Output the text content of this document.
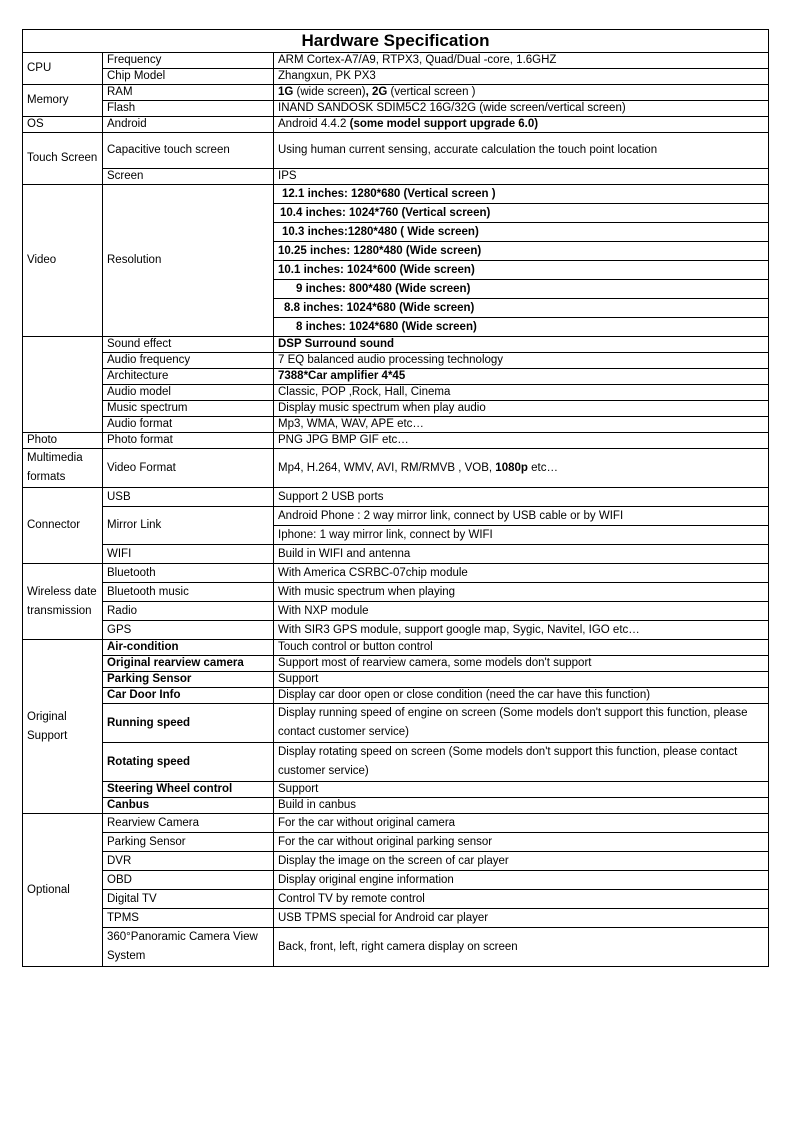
Hardware Specification		
CPU	Frequency	ARM Cortex-A7/A9, RTPX3, Quad/Dual -core, 1.6GHZ
	Chip Model	Zhangxun, PK PX3
Memory	RAM	1G (wide screen), 2G (vertical screen )
	Flash	INAND SANDOSK SDIM5C2 16G/32G (wide screen/vertical screen)
OS	Android	Android 4.4.2 (some model support upgrade 6.0)
Touch Screen	Capacitive touch screen	Using human current sensing, accurate calculation the touch point location
	Screen	IPS
Video	Resolution	12.1 inches: 1280*680 (Vertical screen )
		10.4 inches: 1024*760 (Vertical screen)
		10.3 inches:1280*480 ( Wide screen)
		10.25 inches: 1280*480 (Wide screen)
		10.1 inches: 1024*600 (Wide screen)
		9 inches: 800*480 (Wide screen)
		8.8 inches: 1024*680 (Wide screen)
		8 inches: 1024*680 (Wide screen)
	Sound effect	DSP Surround sound
	Audio frequency	7 EQ balanced audio processing technology
	Architecture	7388*Car amplifier 4*45
	Audio model	Classic, POP ,Rock, Hall, Cinema
	Music spectrum	Display music spectrum when play audio
	Audio format	Mp3, WMA, WAV, APE etc…
Photo	Photo format	PNG JPG BMP GIF etc…
Multimedia formats	Video Format	Mp4, H.264, WMV, AVI, RM/RMVB , VOB, 1080p etc…
Connector	USB	Support 2 USB ports
	Mirror Link	Android Phone : 2 way mirror link, connect by USB cable or by WIFI
		Iphone: 1 way mirror link, connect by WIFI
	WIFI	Build in WIFI and antenna
Wireless date transmission	Bluetooth	With America CSRBC-07chip module
	Bluetooth music	With music spectrum when playing
	Radio	With NXP module
	GPS	With SIR3 GPS module, support google map, Sygic, Navitel, IGO etc…
Original Support	Air-condition	Touch control or button control
	Original rearview camera	Support most of rearview camera, some models don't support
	Parking Sensor	Support
	Car Door Info	Display car door open or close condition (need the car have this function)
	Running speed	Display running speed of engine on screen (Some models don't support this function, please contact customer service)
	Rotating speed	Display rotating speed on screen (Some models don't support this function, please contact customer service)
	Steering Wheel control	Support
	Canbus	Build in canbus
Optional	Rearview Camera	For the car without original camera
	Parking Sensor	For the car without original parking sensor
	DVR	Display the image on the screen of car player
	OBD	Display original engine information
	Digital TV	Control TV by remote control
	TPMS	USB TPMS special for Android car player
	360°Panoramic Camera View System	Back, front, left, right camera display on screen
